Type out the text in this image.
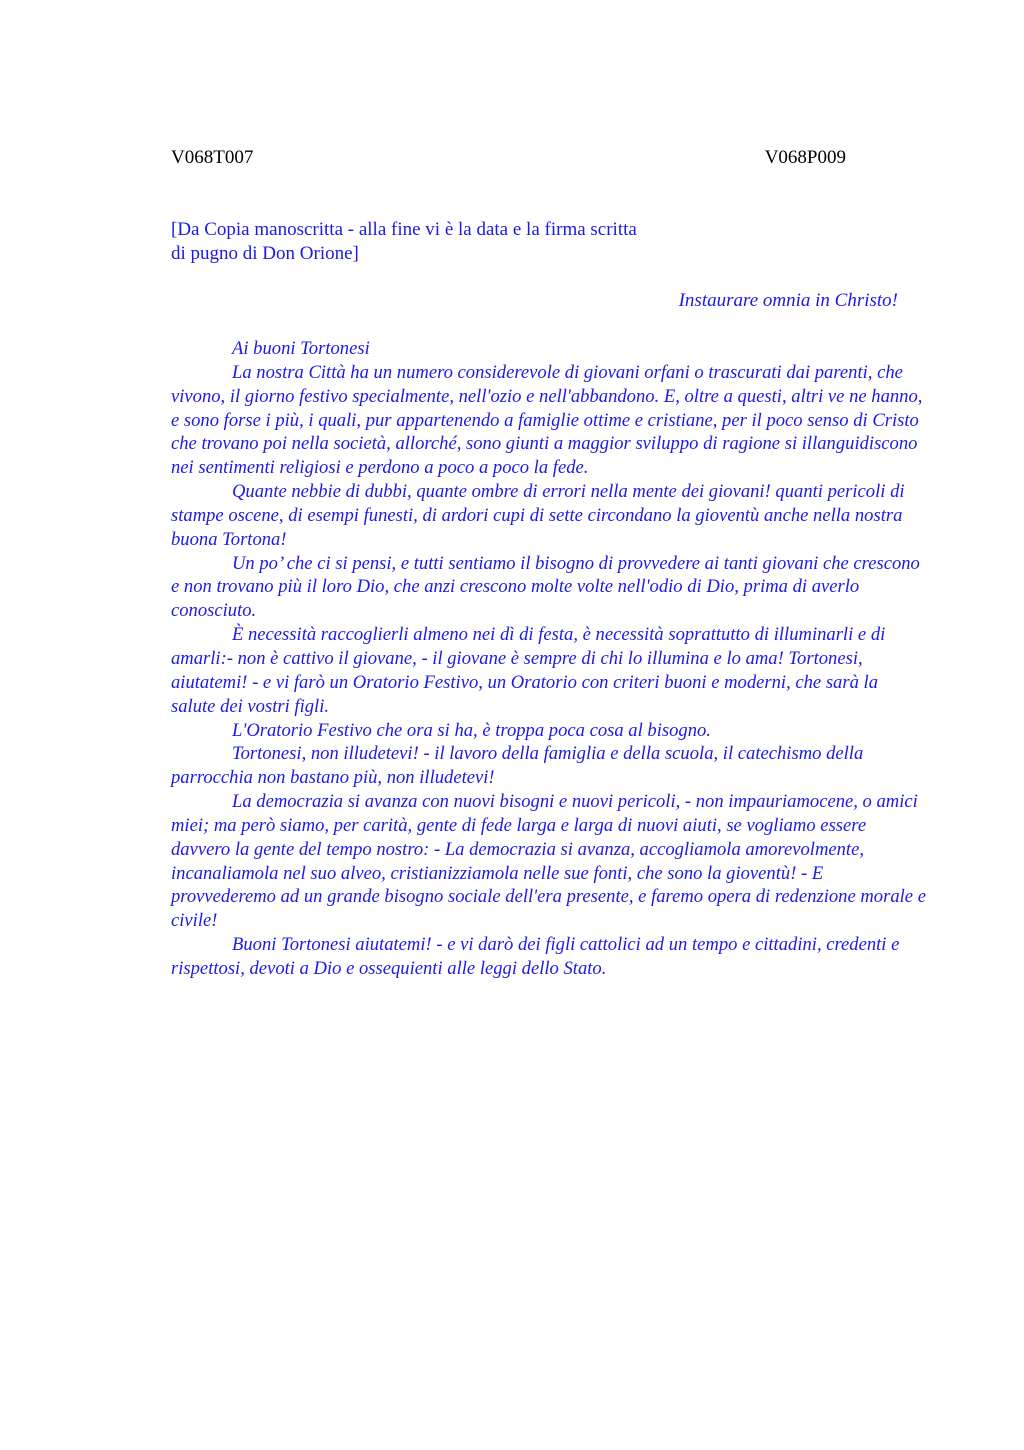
V068T007	V068P009

[Da Copia manoscritta - alla fine vi è la data e la firma scritta di pugno di Don Orione]

Instaurare omnia in Christo!

Ai buoni Tortonesi

La nostra Città ha un numero considerevole di giovani orfani o trascurati dai parenti, che vivono, il giorno festivo specialmente, nell'ozio e nell'abbandono. E, oltre a questi, altri ve ne hanno, e sono forse i più, i quali, pur appartenendo a famiglie ottime e cristiane, per il poco senso di Cristo che trovano poi nella società, allorché, sono giunti a maggior sviluppo di ragione si illanguidiscono nei sentimenti religiosi e perdono a poco a poco la fede.

Quante nebbie di dubbi, quante ombre di errori nella mente dei giovani! quanti pericoli di stampe oscene, di esempi funesti, di ardori cupi di sette circondano la gioventù anche nella nostra buona Tortona!

Un po’ che ci si pensi, e tutti sentiamo il bisogno di provvedere ai tanti giovani che crescono e non trovano più il loro Dio, che anzi crescono molte volte nell'odio di Dio, prima di averlo conosciuto.

È necessità raccoglierli almeno nei dì di festa, è necessità soprattutto di illuminarli e di amarli:- non è cattivo il giovane, - il giovane è sempre di chi lo illumina e lo ama! Tortonesi, aiutatemi! - e vi farò un Oratorio Festivo, un Oratorio con criteri buoni e moderni, che sarà la salute dei vostri figli.

L'Oratorio Festivo che ora si ha, è troppa poca cosa al bisogno.

Tortonesi, non illudetevi! - il lavoro della famiglia e della scuola, il catechismo della parrocchia non bastano più, non illudetevi!

La democrazia si avanza con nuovi bisogni e nuovi pericoli, - non impauriamocene, o amici miei; ma però siamo, per carità, gente di fede larga e larga di nuovi aiuti, se vogliamo essere davvero la gente del tempo nostro: - La democrazia si avanza, accogliamola amorevolmente, incanaliamola nel suo alveo, cristianizziamola nelle sue fonti, che sono la gioventù! - E provvederemo ad un grande bisogno sociale dell'era presente, e faremo opera di redenzione morale e civile!

Buoni Tortonesi aiutatemi! - e vi darò dei figli cattolici ad un tempo e cittadini, credenti e rispettosi, devoti a Dio e ossequienti alle leggi dello Stato.
